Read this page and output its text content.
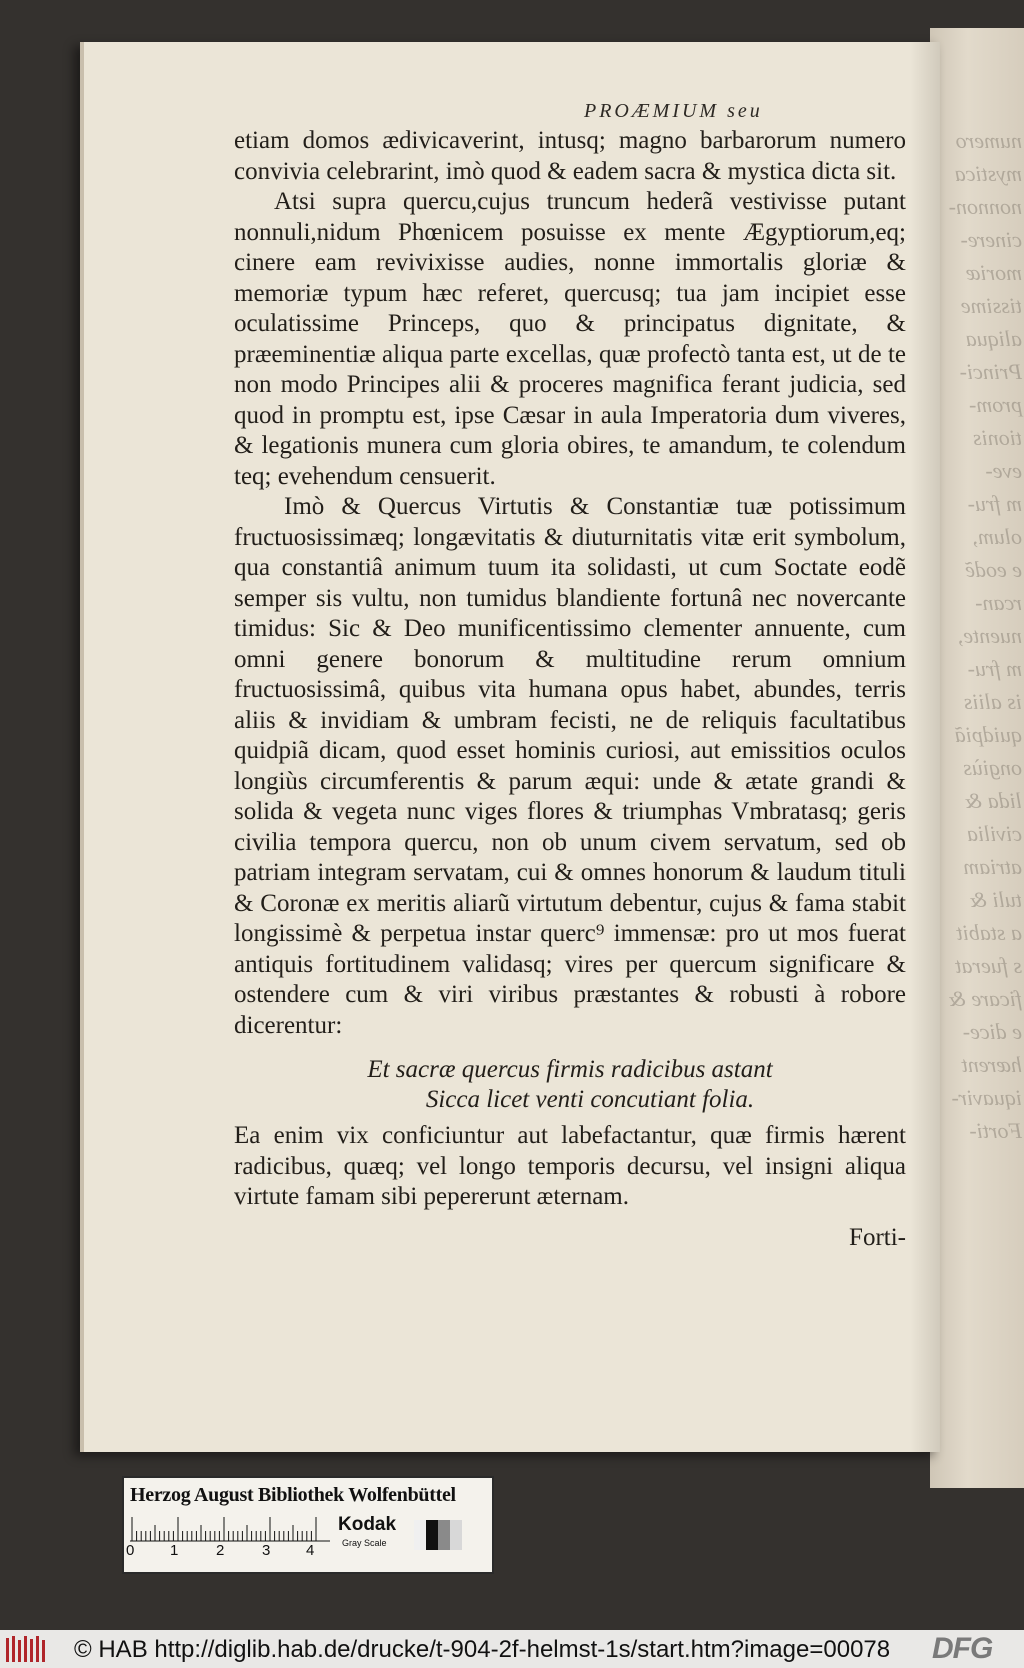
numero
mystica
nonnon-
cinere-
moriæ
tissime
aliqua
Princi-
prom-
tionis
eve-
m fru-
olum,
e eodẽ
rcan-
nuente,
m fru-
is aliis
quidpiã
ongiùs
lida &
civilia
atriam
tuli &
a stabit
s fuerat
ficare &
e dice-
hærent
iquavir-
Forti-
PROÆMIUM seu

etiam domos ædivicaverint, intusq; magno barbarorum numero convivia celebrarint, imò quod & eadem sacra & mystica dicta sit.

Atsi supra quercu,cujus truncum hederã vestivisse putant nonnuli,nidum Phœnicem posuisse ex mente Ægyptiorum,eq; cinere eam revivixisse audies, nonne immortalis gloriæ & memoriæ typum hæc referet, quercusq; tua jam incipiet esse oculatissime Princeps, quo & principatus dignitate, & præeminentiæ aliqua parte excellas, quæ profectò tanta est, ut de te non modo Principes alii & proceres magnifica ferant judicia, sed quod in promptu est, ipse Cæsar in aula Imperatoria dum viveres, & legationis munera cum gloria obires, te amandum, te colendum teq; evehendum censuerit.

Imò & Quercus Virtutis & Constantiæ tuæ potissimum fructuosissimæq; longævitatis & diuturnitatis vitæ erit symbolum, qua constantiâ animum tuum ita solidasti, ut cum Soctate eodẽ semper sis vultu, non tumidus blandiente fortunâ nec novercante timidus: Sic & Deo munificentissimo clementer annuente, cum omni genere bonorum & multitudine rerum omnium fructuosissimâ, quibus vita humana opus habet, abundes, terris aliis & invidiam & umbram fecisti, ne de reliquis facultatibus quidpiã dicam, quod esset hominis curiosi, aut emissitios oculos longiùs circumferentis & parum æqui: unde & ætate grandi & solida & vegeta nunc viges flores & triumphas Vmbratasq; geris civilia tempora quercu, non ob unum civem servatum, sed ob patriam integram servatam, cui & omnes honorum & laudum tituli & Coronæ ex meritis aliarũ virtutum debentur, cujus & fama stabit longissimè & perpetua instar querc⁹ immensæ: pro ut mos fuerat antiquis fortitudinem validasq; vires per quercum significare & ostendere cum & viri viribus præstantes & robusti à robore dicerentur:

Et sacræ quercus firmis radicibus astant
Sicca licet venti concutiant folia.

Ea enim vix conficiuntur aut labefactantur, quæ firmis hærent radicibus, quæq; vel longo temporis decursu, vel insigni aliqua virtute famam sibi pepererunt æternam.

Forti-
Herzog August Bibliothek Wolfenbüttel
0 1	2	3 4
Kodak
Gray Scale
© HAB http://diglib.hab.de/drucke/t-904-2f-helmst-1s/start.htm?image=00078 DFG
